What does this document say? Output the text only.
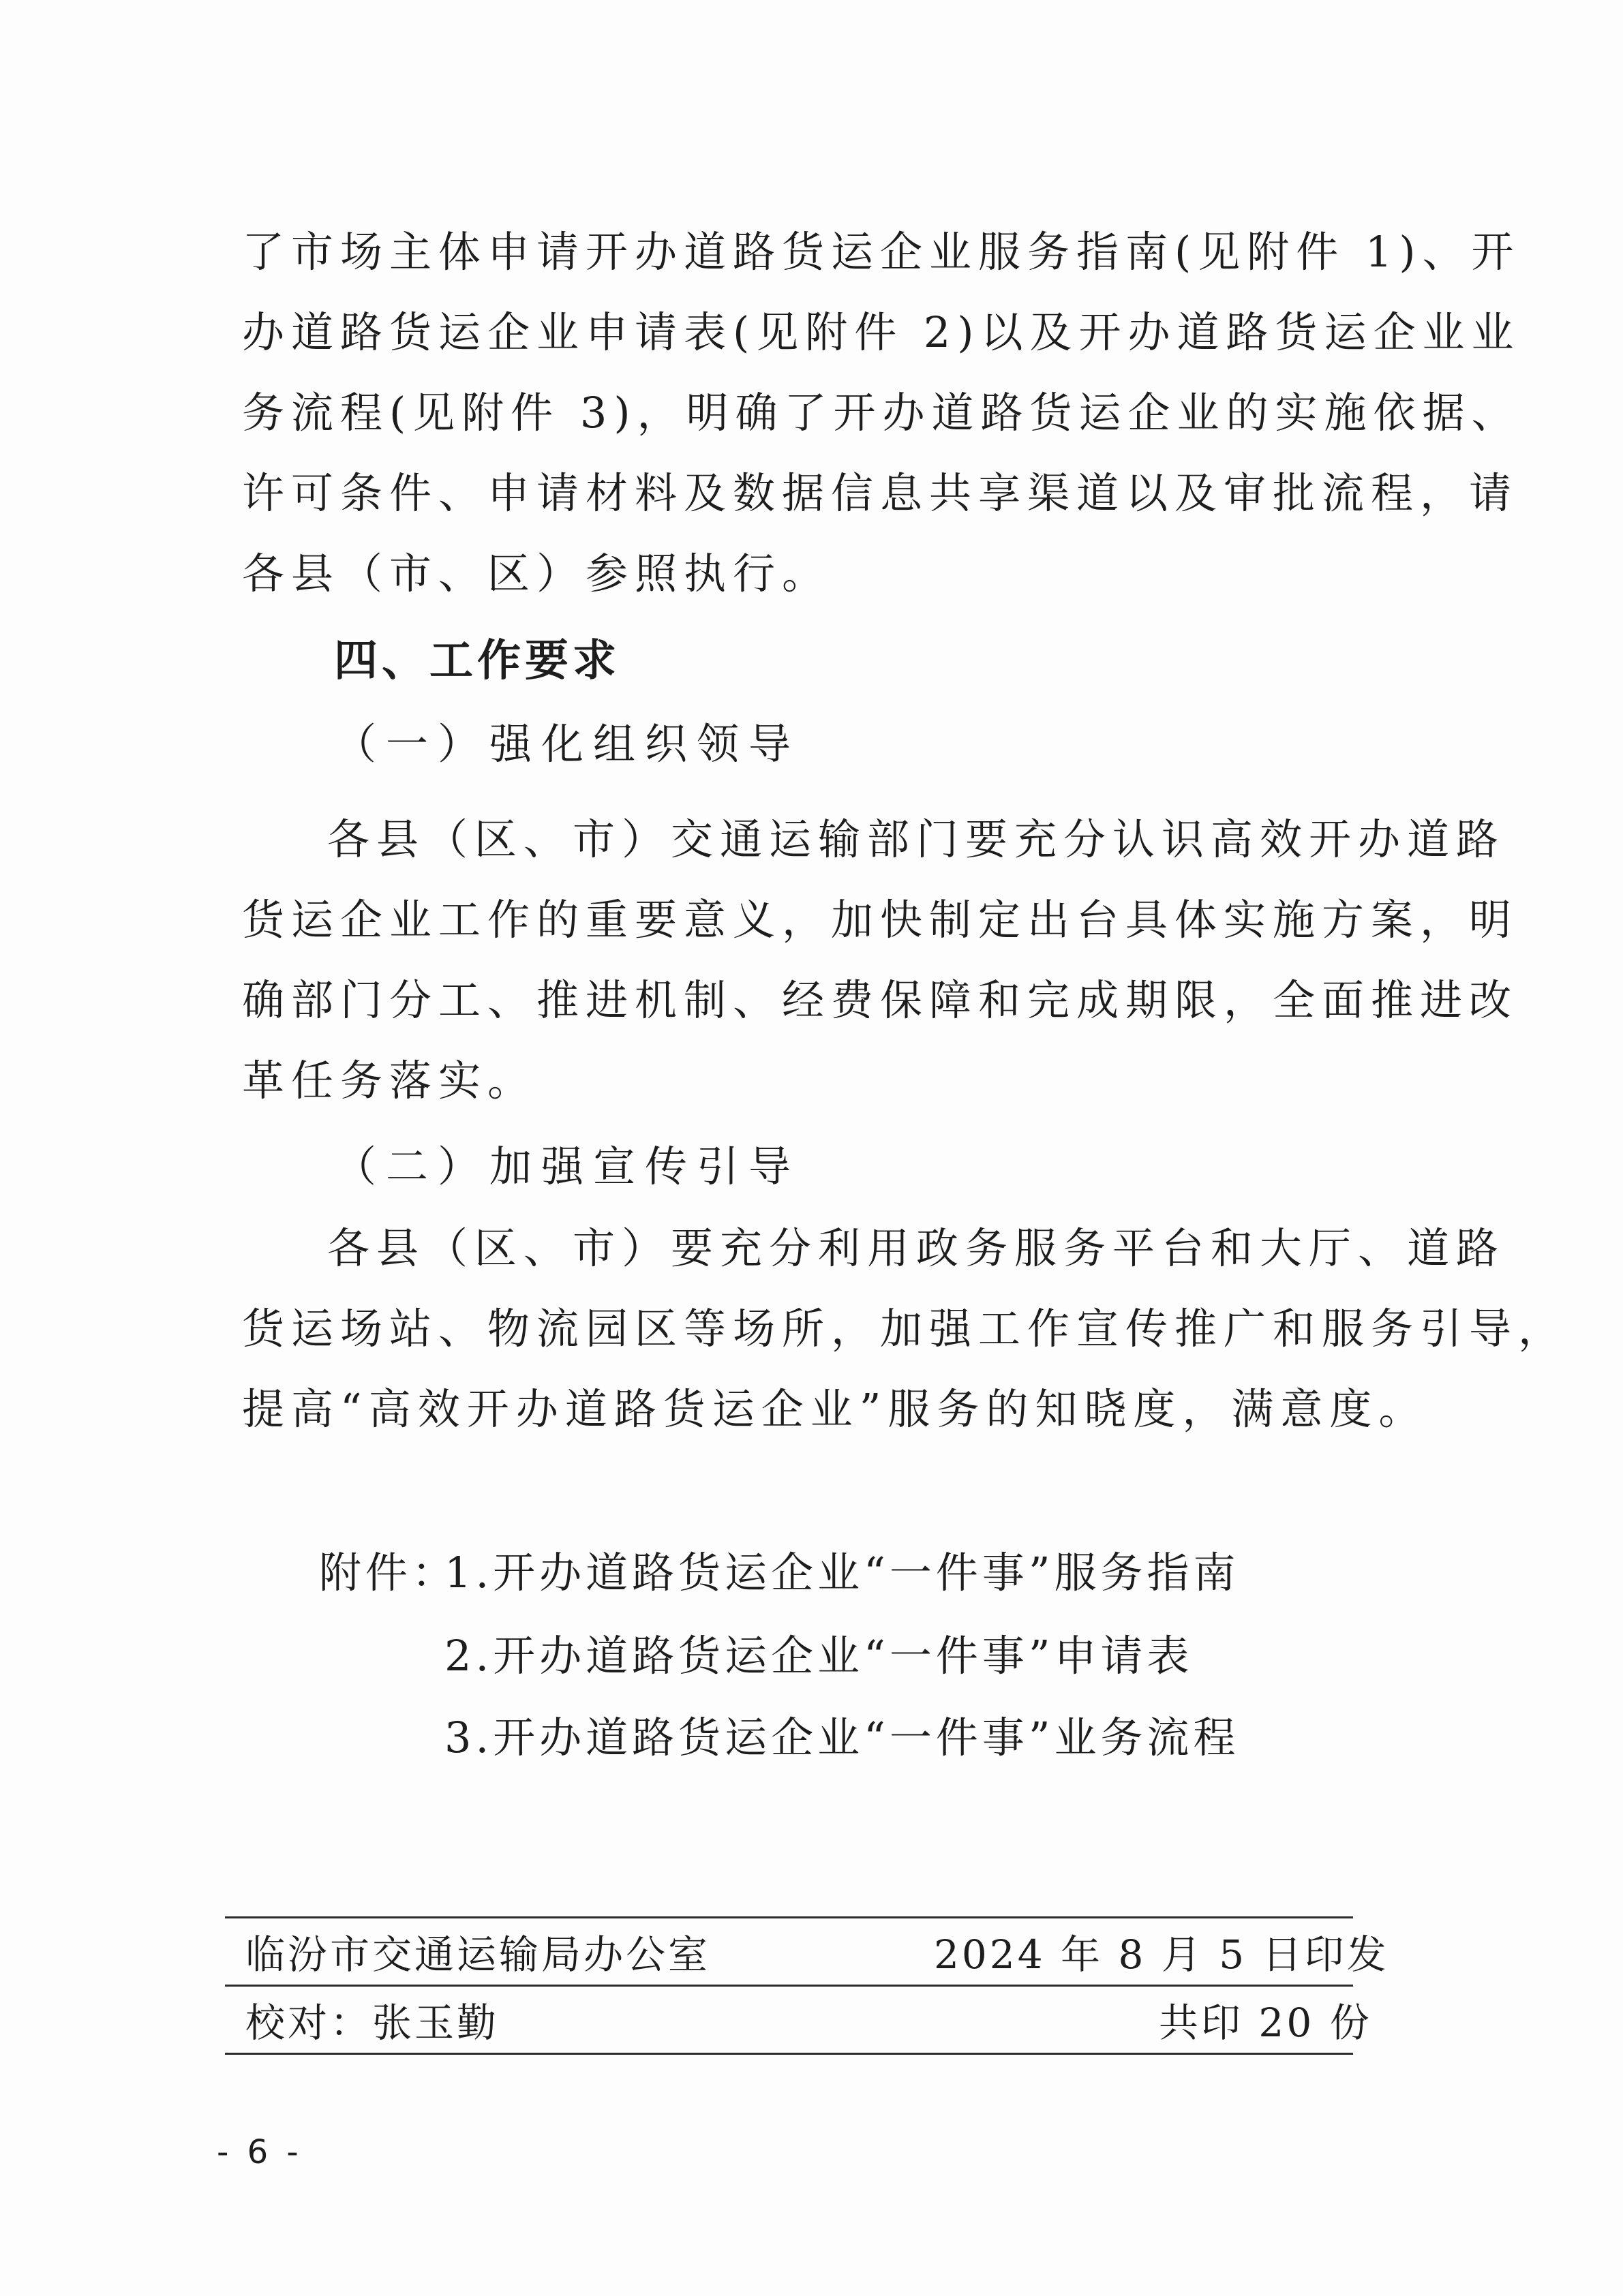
了市场主体申请开办道路货运企业服务指南(见附件 1)、开
办道路货运企业申请表(见附件 2)以及开办道路货运企业业
务流程(见附件 3)，明确了开办道路货运企业的实施依据、
许可条件、申请材料及数据信息共享渠道以及审批流程，请
各县（市、区）参照执行。
四、工作要求
（一）强化组织领导
各县（区、市）交通运输部门要充分认识高效开办道路
货运企业工作的重要意义，加快制定出台具体实施方案，明
确部门分工、推进机制、经费保障和完成期限，全面推进改
革任务落实。
（二）加强宣传引导
各县（区、市）要充分利用政务服务平台和大厅、道路
货运场站、物流园区等场所，加强工作宣传推广和服务引导，
提高“高效开办道路货运企业”服务的知晓度，满意度。
附件：
1.开办道路货运企业“一件事”服务指南
2.开办道路货运企业“一件事”申请表
3.开办道路货运企业“一件事”业务流程
临汾市交通运输局办公室	2024 年 8 月 5 日印发
校对：张玉勤	共印 20 份
- 6 -
